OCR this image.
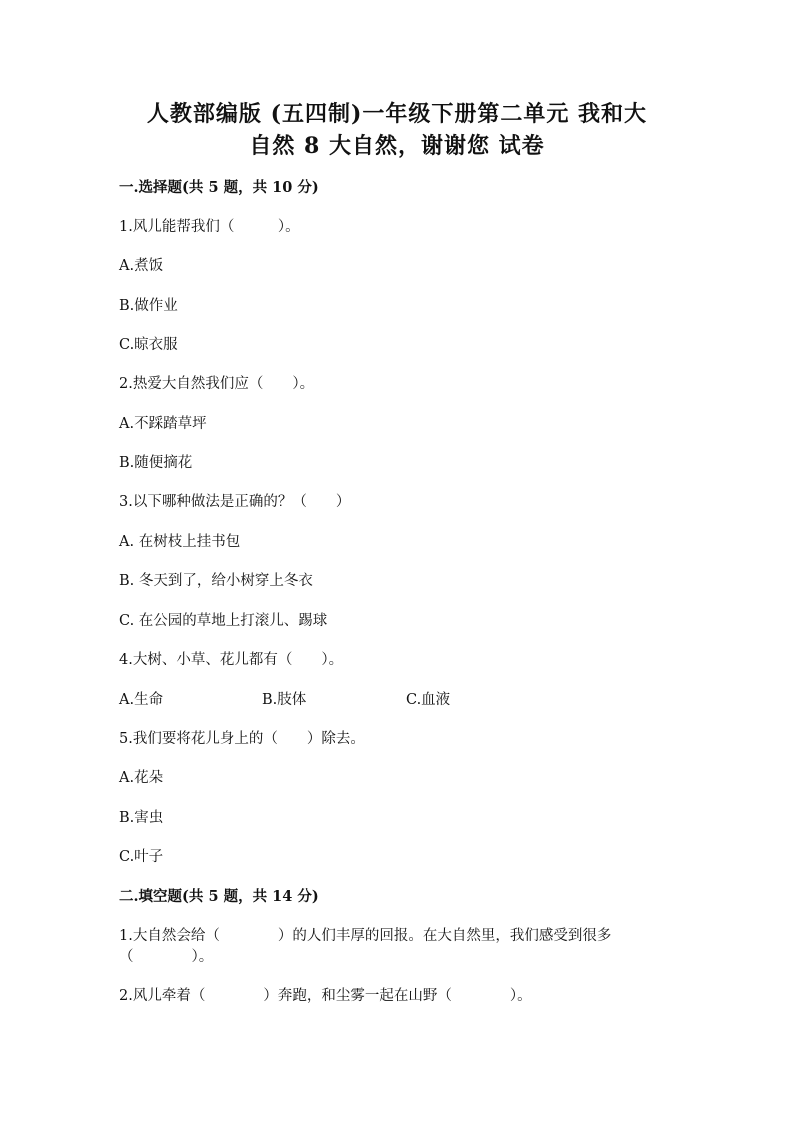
人教部编版 (五四制)一年级下册第二单元 我和大
自然 8 大自然，谢谢您 试卷
一.选择题(共 5 题，共 10 分)
1.风儿能帮我们（　　　）。
A.煮饭
B.做作业
C.晾衣服
2.热爱大自然我们应（　　）。
A.不踩踏草坪
B.随便摘花
3.以下哪种做法是正确的？（　　）
A. 在树枝上挂书包
B. 冬天到了，给小树穿上冬衣
C. 在公园的草地上打滚儿、踢球
4.大树、小草、花儿都有（　　）。
A.生命	B.肢体	C.血液
5.我们要将花儿身上的（　　）除去。
A.花朵
B.害虫
C.叶子
二.填空题(共 5 题，共 14 分)
1.大自然会给（　　　　）的人们丰厚的回报。在大自然里，我们感受到很多
（　　　　）。
2.风儿牵着（　　　　）奔跑，和尘雾一起在山野（　　　　）。
